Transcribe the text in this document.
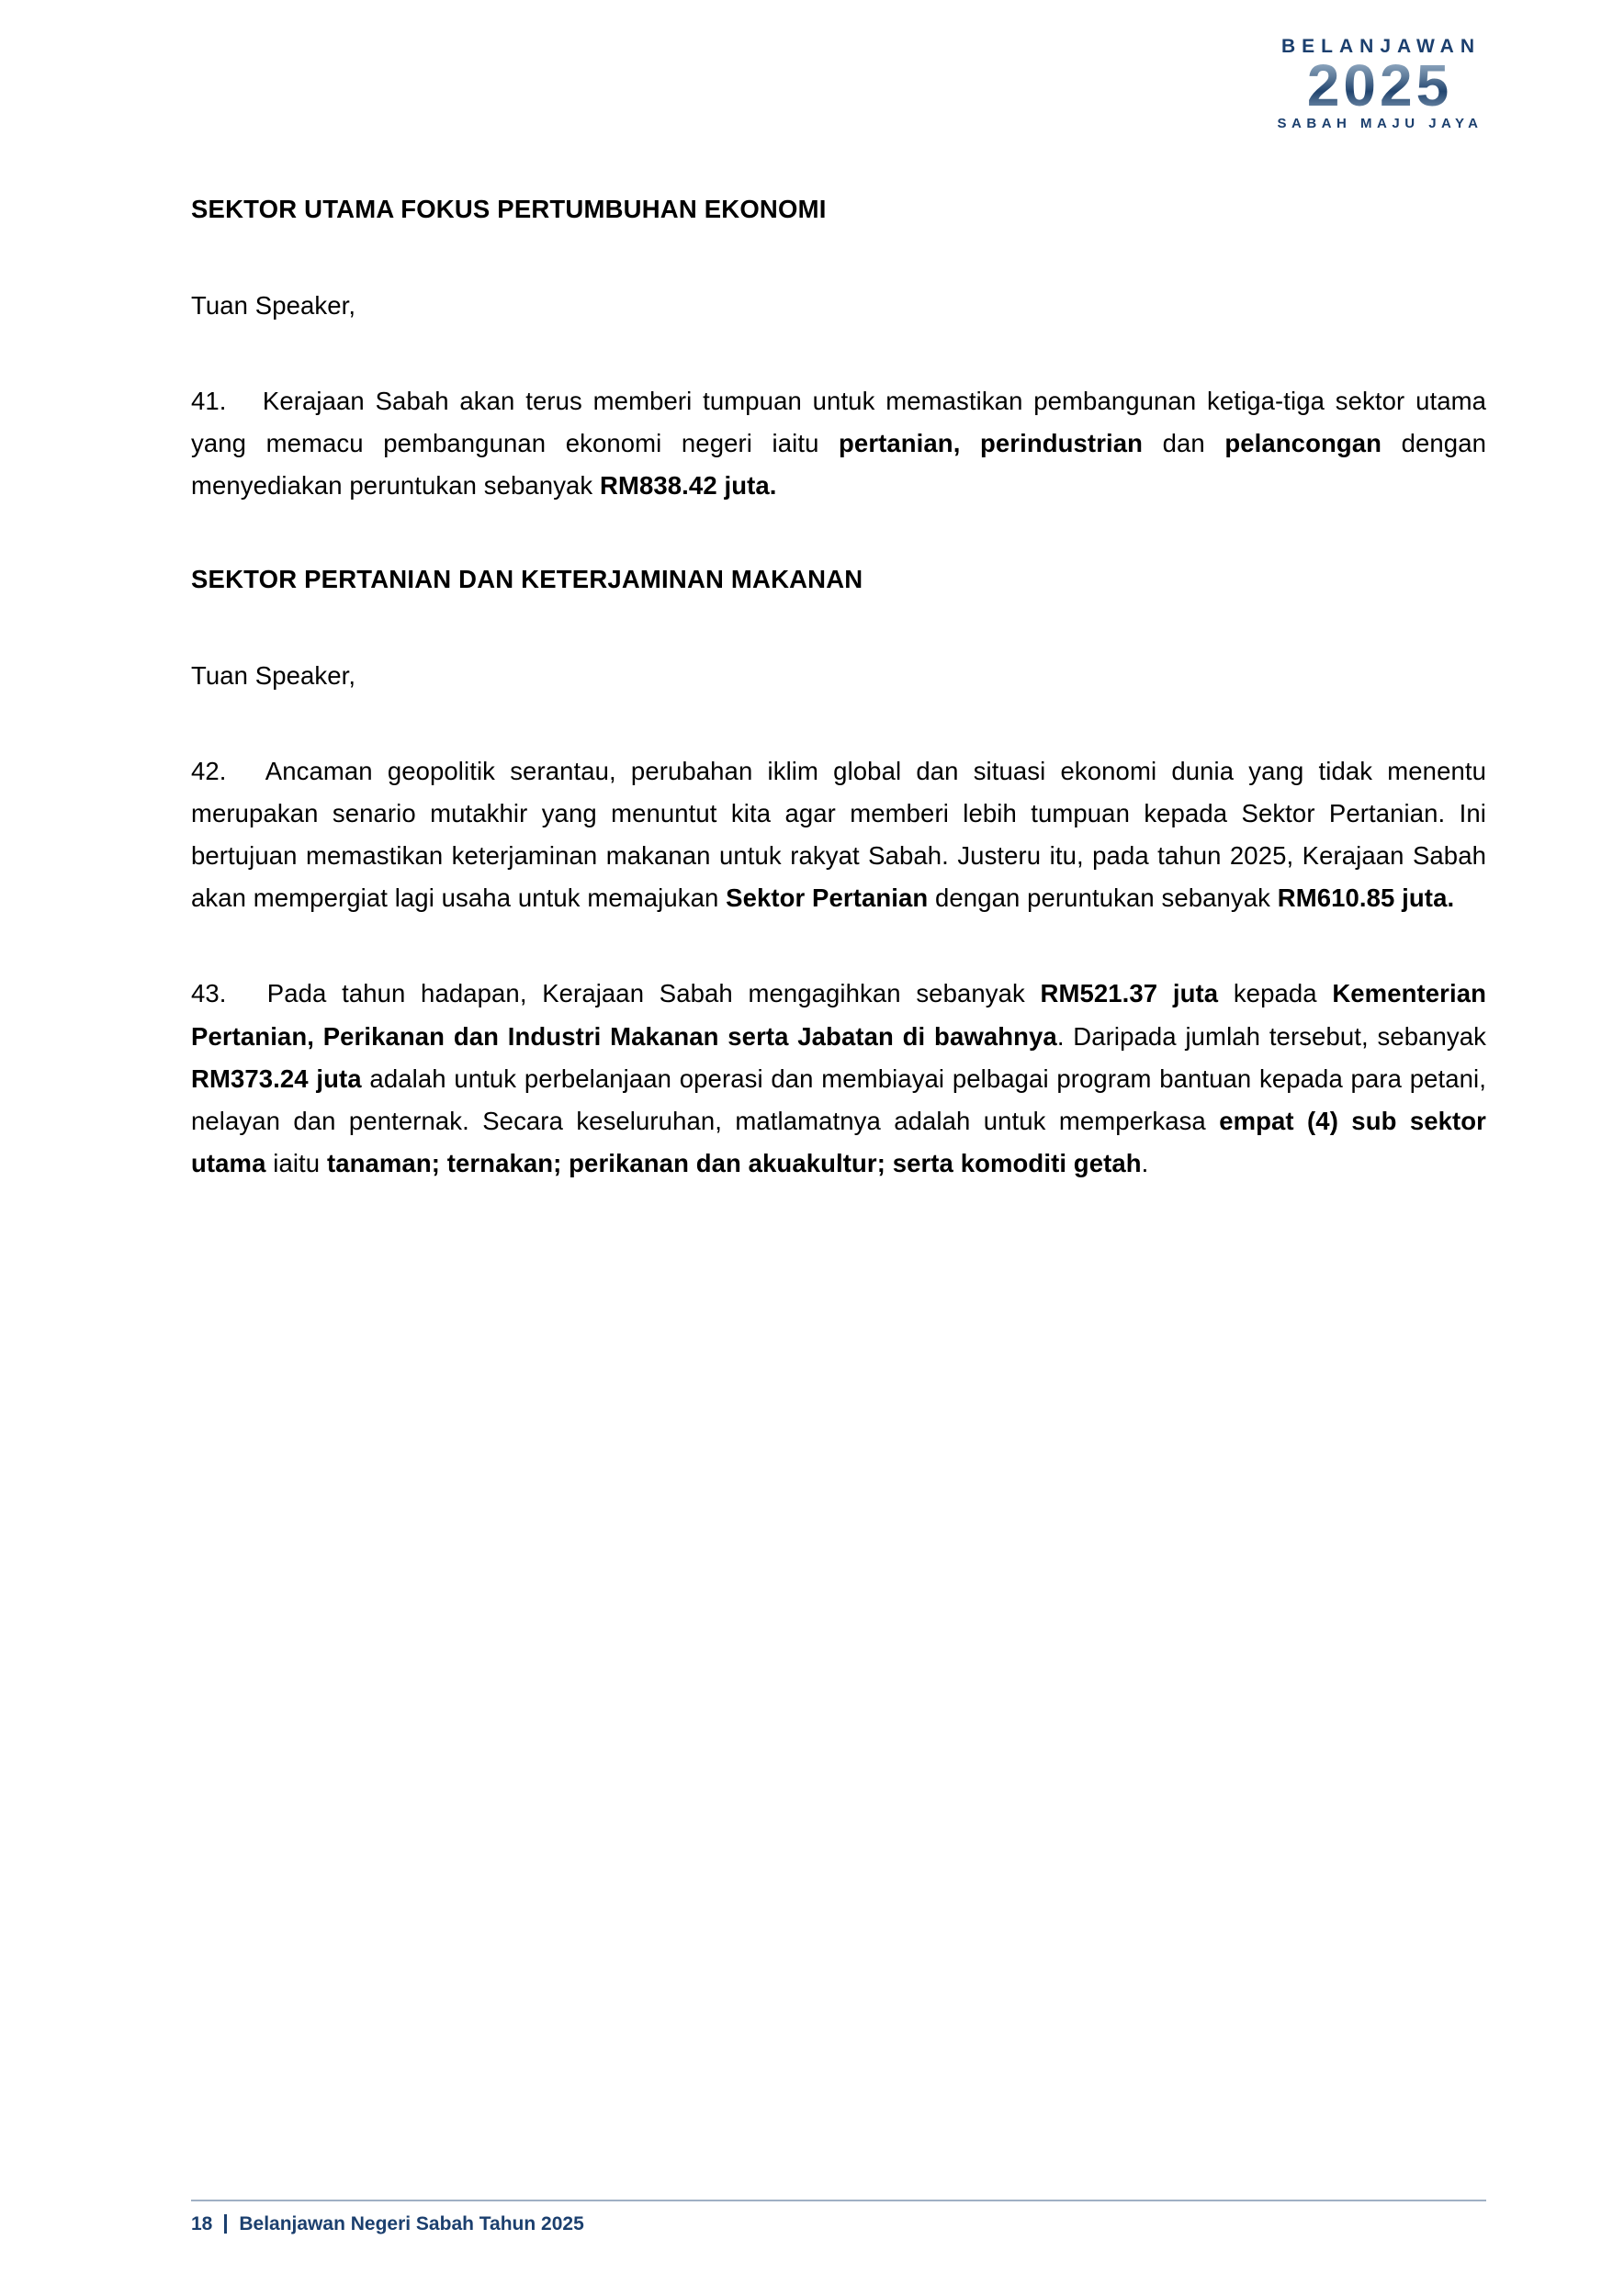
BELANJAWAN
2025
SABAH MAJU JAYA
SEKTOR UTAMA FOKUS PERTUMBUHAN EKONOMI

Tuan Speaker,

41.  Kerajaan Sabah akan terus memberi tumpuan untuk memastikan pembangunan ketiga-tiga sektor utama yang memacu pembangunan ekonomi negeri iaitu pertanian, perindustrian dan pelancongan dengan menyediakan peruntukan sebanyak RM838.42 juta.

SEKTOR PERTANIAN DAN KETERJAMINAN MAKANAN

Tuan Speaker,

42.  Ancaman geopolitik serantau, perubahan iklim global dan situasi ekonomi dunia yang tidak menentu merupakan senario mutakhir yang menuntut kita agar memberi lebih tumpuan kepada Sektor Pertanian. Ini bertujuan memastikan keterjaminan makanan untuk rakyat Sabah. Justeru itu, pada tahun 2025, Kerajaan Sabah akan mempergiat lagi usaha untuk memajukan Sektor Pertanian dengan peruntukan sebanyak RM610.85 juta.

43.  Pada tahun hadapan, Kerajaan Sabah mengagihkan sebanyak RM521.37 juta kepada Kementerian Pertanian, Perikanan dan Industri Makanan serta Jabatan di bawahnya. Daripada jumlah tersebut, sebanyak RM373.24 juta adalah untuk perbelanjaan operasi dan membiayai pelbagai program bantuan kepada para petani, nelayan dan penternak. Secara keseluruhan, matlamatnya adalah untuk memperkasa empat (4) sub sektor utama iaitu tanaman; ternakan; perikanan dan akuakultur; serta komoditi getah.

18	Belanjawan Negeri Sabah Tahun 2025
